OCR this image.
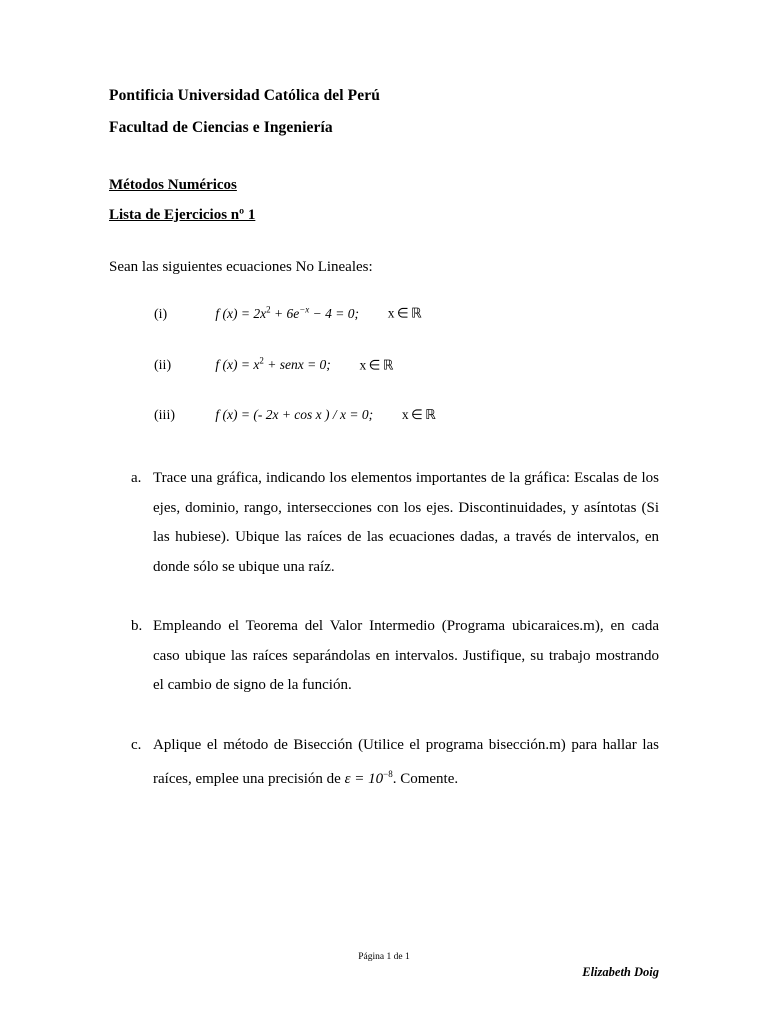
Pontificia Universidad Católica del Perú
Facultad de Ciencias e Ingeniería
Métodos Numéricos
Lista de Ejercicios nº 1
Sean las siguientes ecuaciones No Lineales:
(i)	f $(x) = 2x^2 + 6e^{-x} - 4 = 0$; x ∈ ℝ
(ii)	f $(x) = x^2$ + senx = 0; x ∈ ℝ
(iii)	f (x) = (- 2x + cos x ) / x = 0; x ∈ ℝ
a. Trace una gráfica, indicando los elementos importantes de la gráfica: Escalas de los ejes, dominio, rango, intersecciones con los ejes. Discontinuidades, y asíntotas (Si las hubiese). Ubique las raíces de las ecuaciones dadas, a través de intervalos, en donde sólo se ubique una raíz.

b. Empleando el Teorema del Valor Intermedio (Programa ubicaraices.m), en cada caso ubique las raíces separándolas en intervalos. Justifique, su trabajo mostrando el cambio de signo de la función.

c. Aplique el método de Bisección (Utilice el programa bisección.m) para hallar las raíces, emplee una precisión de $\varepsilon = 10^{-8}$. Comente.

Página 1 de 1
Elizabeth Doig
